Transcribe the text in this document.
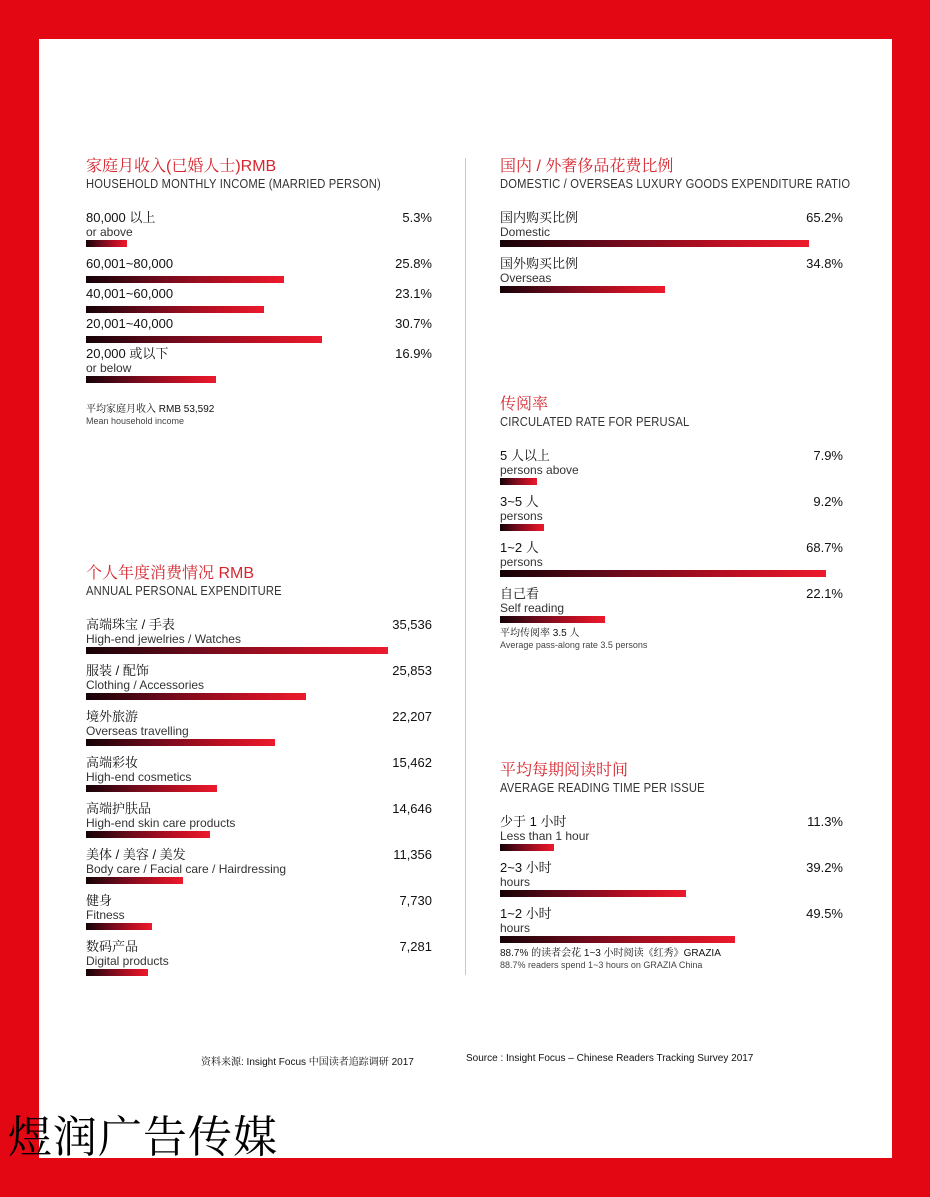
家庭月收入(已婚人士)RMB
HOUSEHOLD MONTHLY INCOME (MARRIED PERSON)
80,000 以上
or above
5.3%
60,001~80,000	25.8%
40,001~60,000	23.1%
20,001~40,000	30.7%
20,000 或以下
or below
16.9%
平均家庭月收入 RMB 53,592
Mean household income
个人年度消费情况 RMB
ANNUAL PERSONAL EXPENDITURE
高端珠宝 / 手表
High-end jewelries / Watches
35,536
服装 / 配饰
Clothing / Accessories
25,853
境外旅游
Overseas travelling
22,207
高端彩妆
High-end cosmetics
15,462
高端护肤品
High-end skin care products
14,646
美体 / 美容 / 美发
Body care / Facial care / Hairdressing
11,356
健身
Fitness
7,730
数码产品
Digital products
7,281
国内 / 外奢侈品花费比例
DOMESTIC / OVERSEAS LUXURY GOODS EXPENDITURE RATIO
国内购买比例
Domestic
65.2%
国外购买比例
Overseas
34.8%
传阅率
CIRCULATED RATE FOR PERUSAL
5 人以上
persons above
7.9%
3~5 人
persons
9.2%
1~2 人
persons
68.7%
自己看
Self reading
22.1%
平均传阅率 3.5 人
Average pass-along rate 3.5 persons
平均每期阅读时间
AVERAGE READING TIME PER ISSUE
少于 1 小时
Less than 1 hour
11.3%
2~3 小时
hours
39.2%
1~2 小时
hours
49.5%
88.7% 的读者会花 1~3 小时阅读《红秀》GRAZIA
88.7% readers spend 1~3 hours on GRAZIA China
资料来源: Insight Focus 中国读者追踪调研 2017	Source : Insight Focus – Chinese Readers Tracking Survey 2017
煜润广告传媒
